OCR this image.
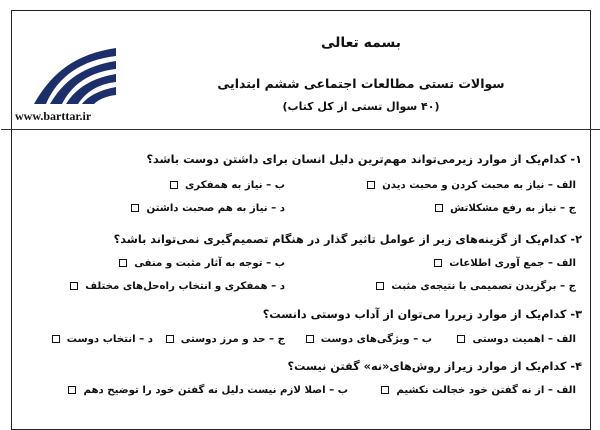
www.barttar.ir
بسمه تعالی
سوالات تستی مطالعات اجتماعی ششم ابتدایی
(۴۰ سوال تستی از کل کتاب)
۱- کدام‌یک از موارد زیر‌می‌تواند مهم‌ترین دلیل انسان برای داشتن دوست باشد؟
الف – نیاز به محبت کردن و محبت دیدن
ب – نیاز به همفکری
ج – نیاز به رفع مشکلاتش
د – نیاز به هم صحبت داشتن
۲- کدام‌یک از گزینه‌های زیر از عوامل تاثیر گذار در هنگام تصمیم‌گیری نمی‌تواند باشد؟
الف – جمع آوری اطلاعات
ب – توجه به آثار مثبت و منفی
ج – برگزیدن تصمیمی با نتیجه‌ی مثبت
د – همفکری و انتخاب راه‌حل‌های مختلف
۳- کدام‌یک از موارد زیررا می‌توان از آداب دوستی دانست؟
الف – اهمیت دوستی
ب – ویژگی‌های دوست
ج – حد و مرز دوستی
د – انتخاب دوست
۴- کدام‌یک از موارد زیراز روش‌های«نه» گفتن نیست؟
الف – از نه گفتن خود خجالت نکشیم
ب – اصلا لازم نیست دلیل نه گفتن خود را توضیح دهم
